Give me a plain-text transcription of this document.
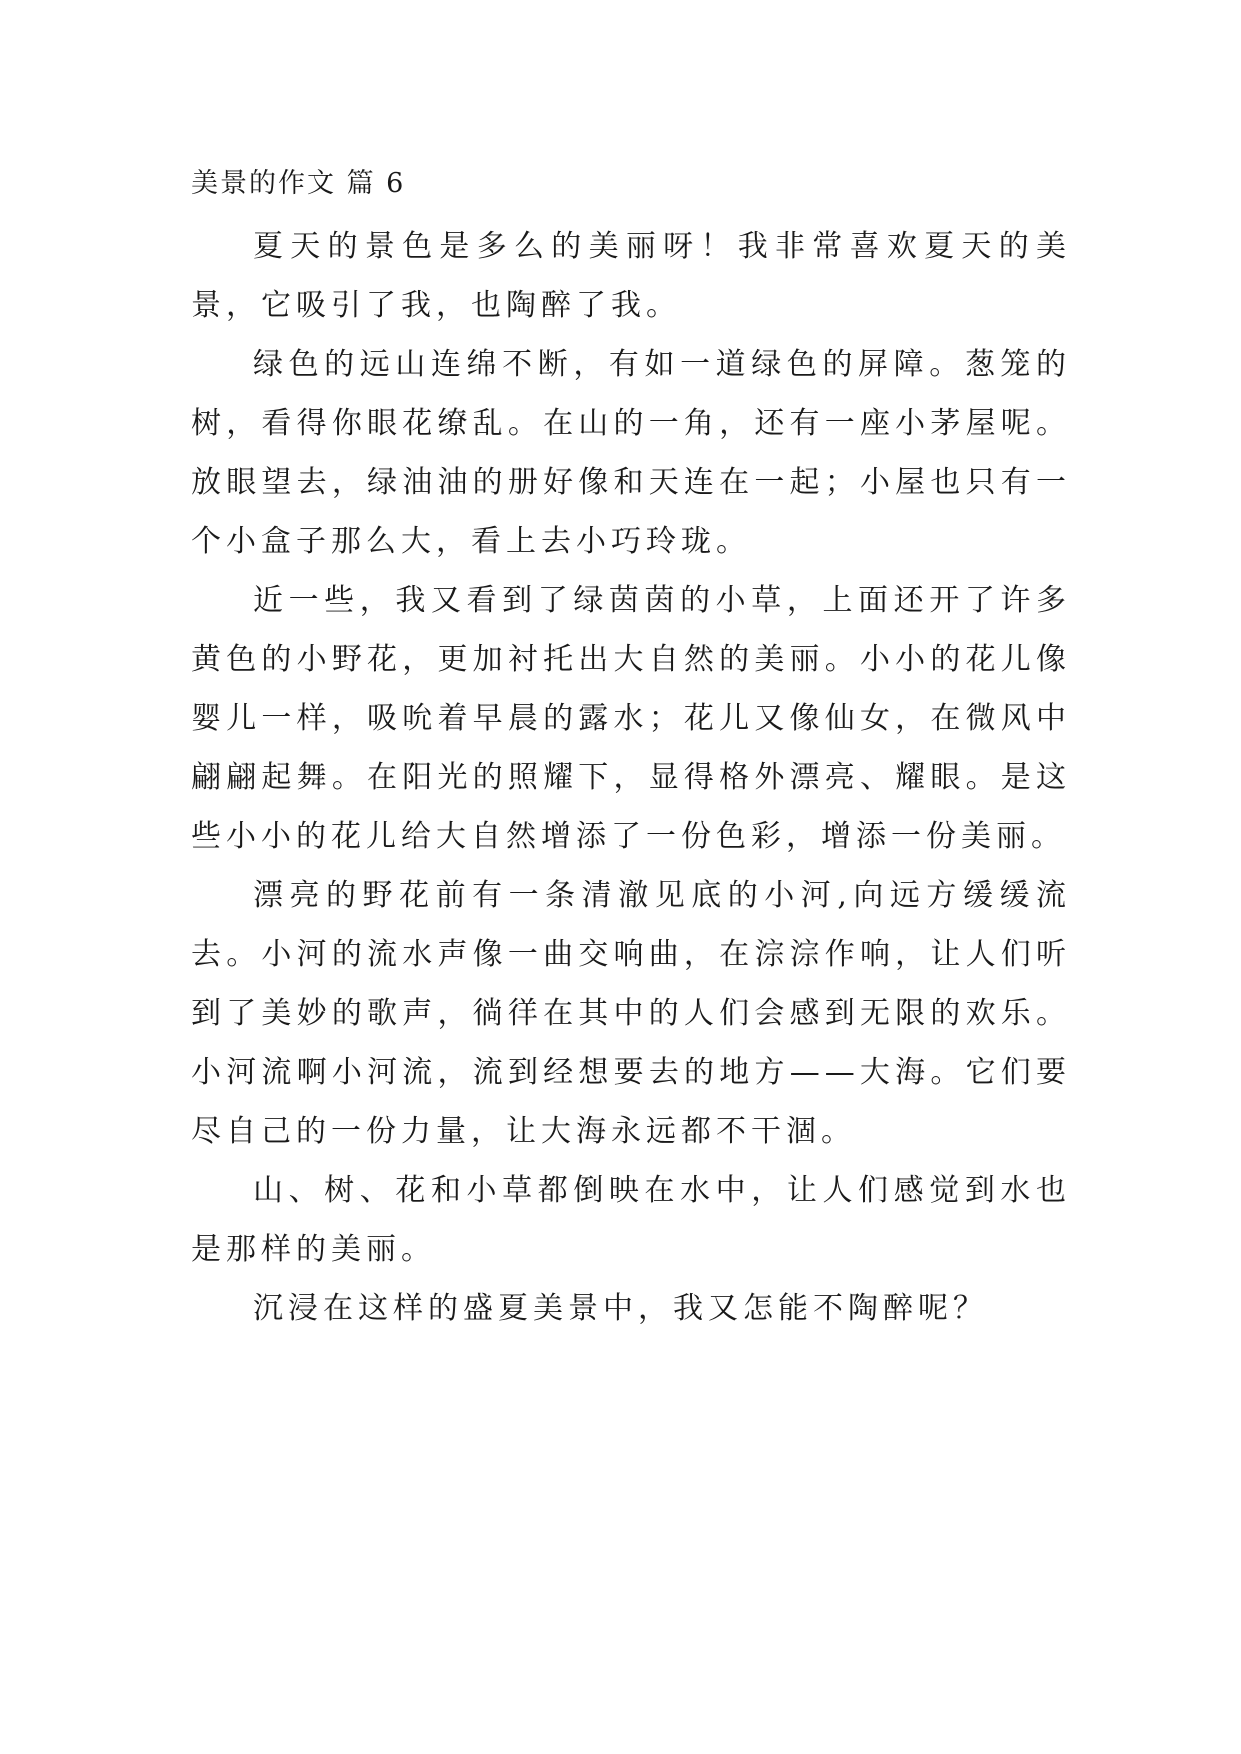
美景的作文 篇 6

夏天的景色是多么的美丽呀！我非常喜欢夏天的美景，它吸引了我，也陶醉了我。

绿色的远山连绵不断，有如一道绿色的屏障。葱笼的树，看得你眼花缭乱。在山的一角，还有一座小茅屋呢。放眼望去，绿油油的册好像和天连在一起；小屋也只有一个小盒子那么大，看上去小巧玲珑。

近一些，我又看到了绿茵茵的小草，上面还开了许多黄色的小野花，更加衬托出大自然的美丽。小小的花儿像婴儿一样，吸吮着早晨的露水；花儿又像仙女，在微风中翩翩起舞。在阳光的照耀下，显得格外漂亮、耀眼。是这些小小的花儿给大自然增添了一份色彩，增添一份美丽。

漂亮的野花前有一条清澈见底的小河,向远方缓缓流去。小河的流水声像一曲交响曲，在淙淙作响，让人们听到了美妙的歌声，徜徉在其中的人们会感到无限的欢乐。小河流啊小河流，流到经想要去的地方——大海。它们要尽自己的一份力量，让大海永远都不干涸。

山、树、花和小草都倒映在水中，让人们感觉到水也是那样的美丽。

沉浸在这样的盛夏美景中，我又怎能不陶醉呢？
